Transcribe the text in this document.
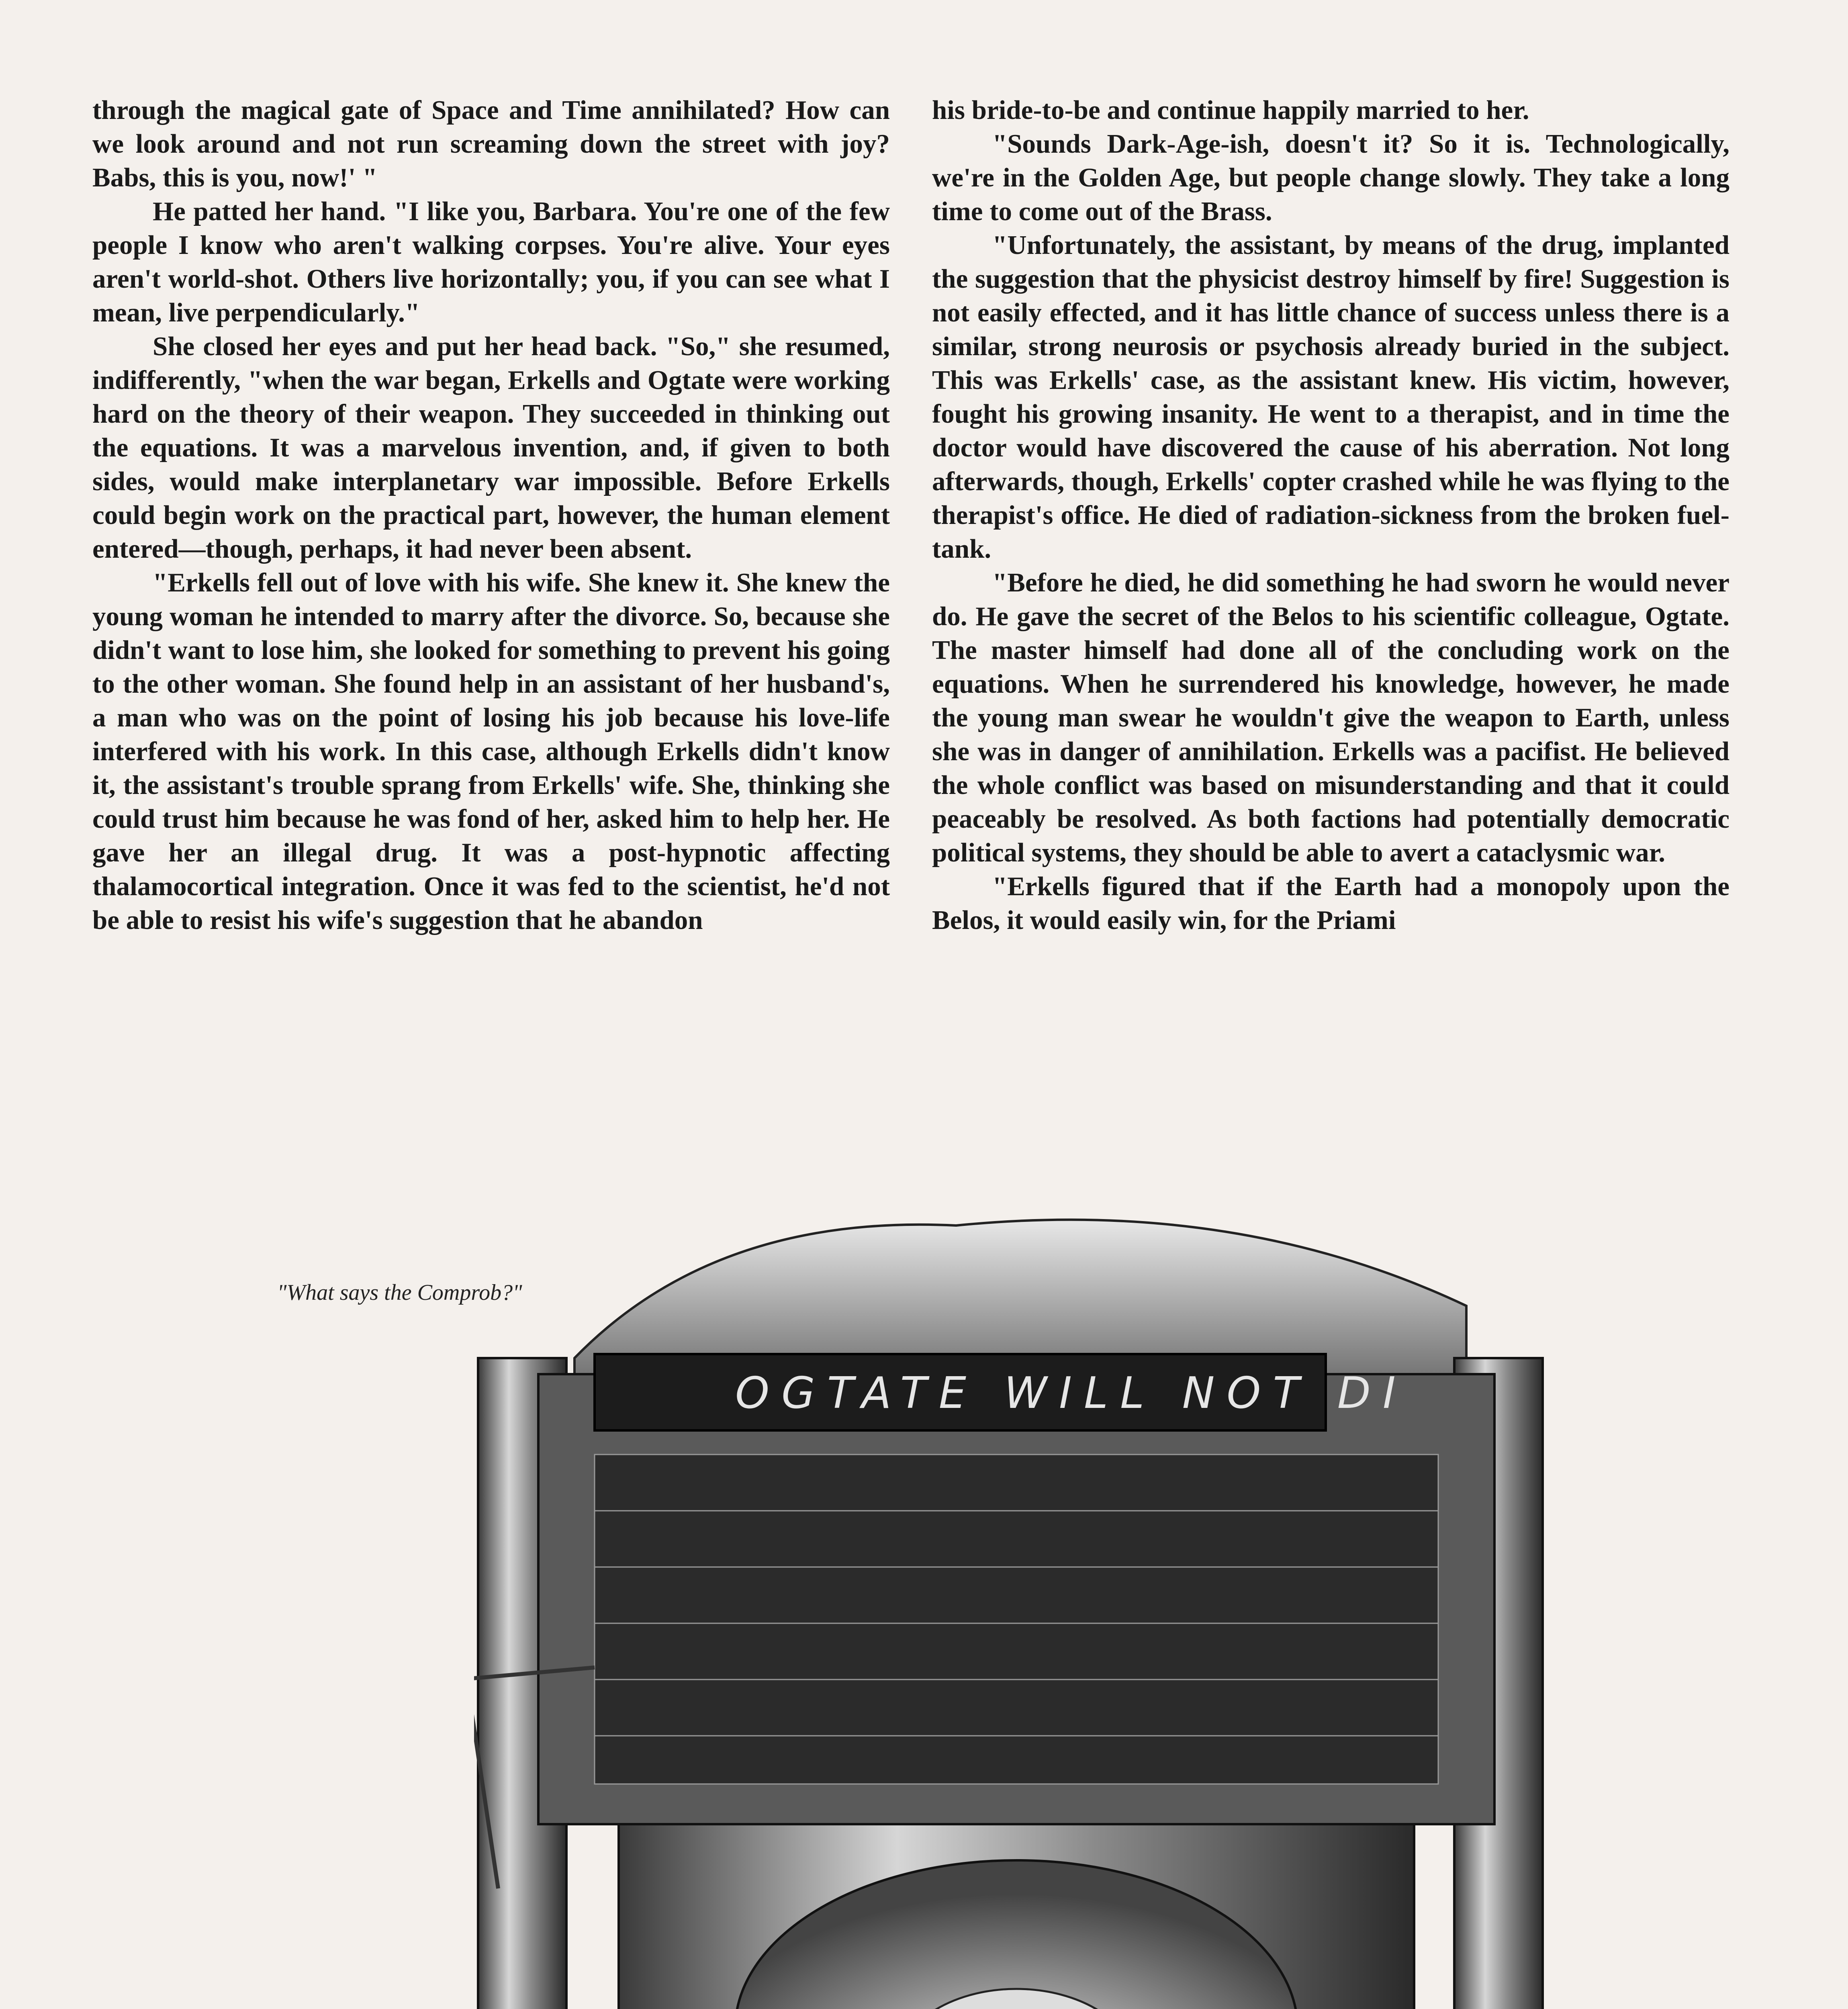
through the magical gate of Space and Time annihilated? How can we look around and not run screaming down the street with joy? Babs, this is you, now!' "

He patted her hand. "I like you, Barbara. You're one of the few people I know who aren't walking corpses. You're alive. Your eyes aren't world-shot. Others live horizontally; you, if you can see what I mean, live perpendicularly."

She closed her eyes and put her head back. "So," she resumed, indifferently, "when the war began, Erkells and Ogtate were working hard on the theory of their weapon. They succeeded in thinking out the equations. It was a marvelous invention, and, if given to both sides, would make interplanetary war impossible. Before Erkells could begin work on the practical part, however, the human element entered—though, perhaps, it had never been absent.

"Erkells fell out of love with his wife. She knew it. She knew the young woman he intended to marry after the divorce. So, because she didn't want to lose him, she looked for something to prevent his going to the other woman. She found help in an assistant of her husband's, a man who was on the point of losing his job because his love-life interfered with his work. In this case, although Erkells didn't know it, the assistant's trouble sprang from Erkells' wife. She, thinking she could trust him because he was fond of her, asked him to help her. He gave her an illegal drug. It was a post-hypnotic affecting thalamocortical integration. Once it was fed to the scientist, he'd not be able to resist his wife's suggestion that he abandon

his bride-to-be and continue happily married to her.

"Sounds Dark-Age-ish, doesn't it? So it is. Technologically, we're in the Golden Age, but people change slowly. They take a long time to come out of the Brass.

"Unfortunately, the assistant, by means of the drug, implanted the suggestion that the physicist destroy himself by fire! Suggestion is not easily effected, and it has little chance of success unless there is a similar, strong neurosis or psychosis already buried in the subject. This was Erkells' case, as the assistant knew. His victim, however, fought his growing insanity. He went to a therapist, and in time the doctor would have discovered the cause of his aberration. Not long afterwards, though, Erkells' copter crashed while he was flying to the therapist's office. He died of radiation-sickness from the broken fuel-tank.

"Before he died, he did something he had sworn he would never do. He gave the secret of the Belos to his scientific colleague, Ogtate. The master himself had done all of the concluding work on the equations. When he surrendered his knowledge, however, he made the young man swear he wouldn't give the weapon to Earth, unless she was in danger of annihilation. Erkells was a pacifist. He believed the whole conflict was based on misunderstanding and that it could peaceably be resolved. As both factions had potentially democratic political systems, they should be able to avert a cataclysmic war.

"Erkells figured that if the Earth had a monopoly upon the Belos, it would easily win, for the Priami

"What says the Comprob?"
OGTATE WILL NOT DI
